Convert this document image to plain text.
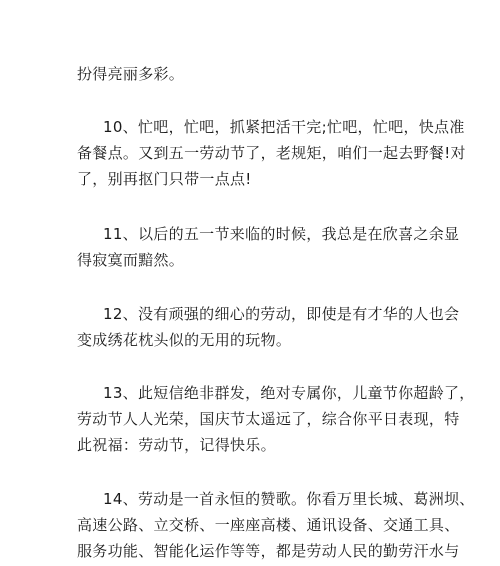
扮得亮丽多彩。
10、忙吧，忙吧，抓紧把活干完;忙吧，忙吧，快点准
备餐点。又到五一劳动节了，老规矩，咱们一起去野餐!对
了，别再抠门只带一点点!
11、以后的五一节来临的时候，我总是在欣喜之余显
得寂寞而黯然。
12、没有顽强的细心的劳动，即使是有才华的人也会
变成绣花枕头似的无用的玩物。
13、此短信绝非群发，绝对专属你，儿童节你超龄了，
劳动节人人光荣，国庆节太遥远了，综合你平日表现，特
此祝福：劳动节，记得快乐。
14、劳动是一首永恒的赞歌。你看万里长城、葛洲坝、
高速公路、立交桥、一座座高楼、通讯设备、交通工具、
服务功能、智能化运作等等，都是劳动人民的勤劳汗水与
